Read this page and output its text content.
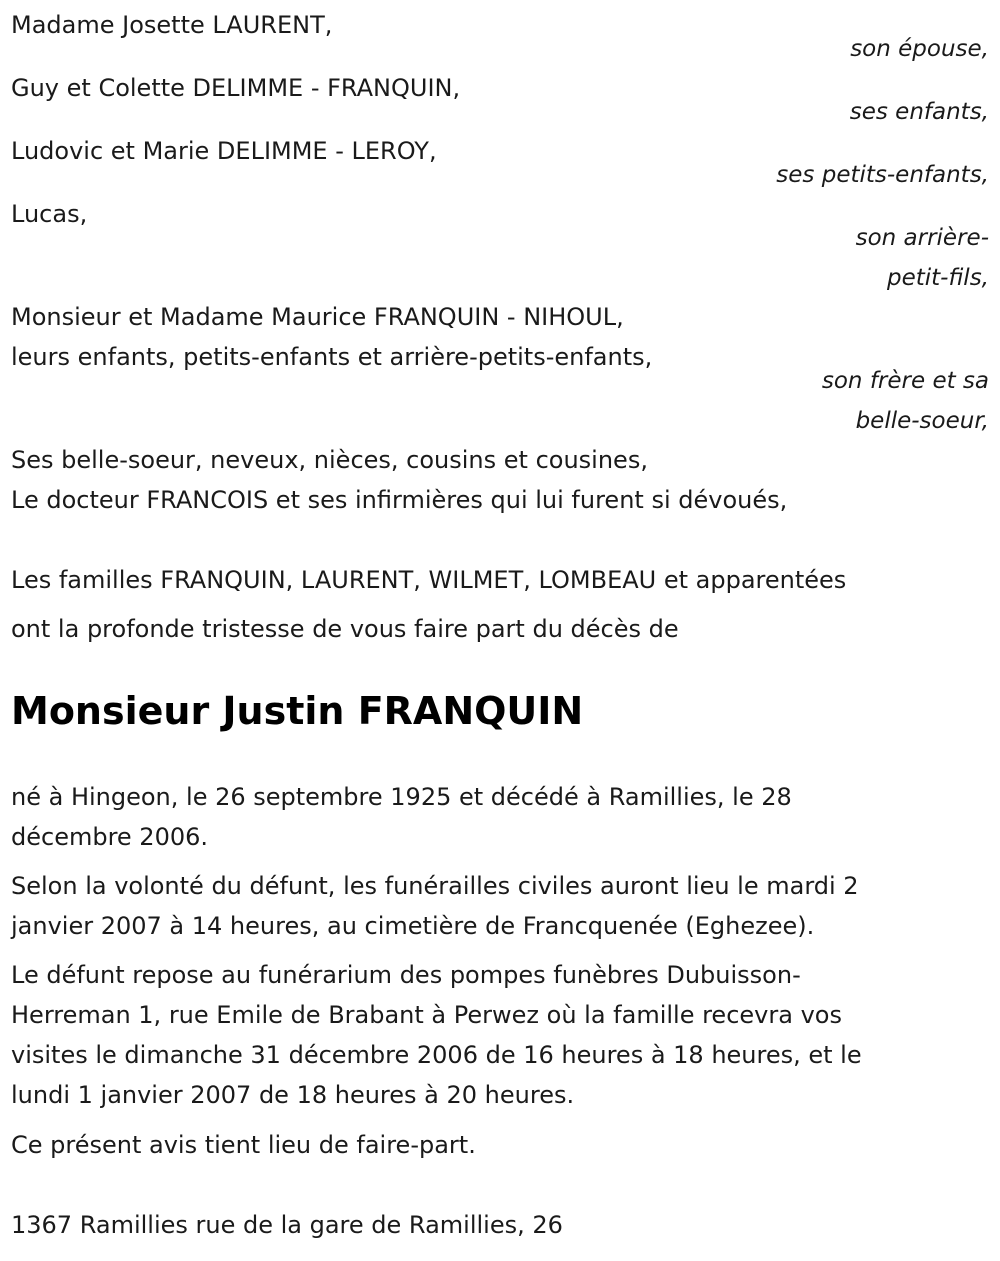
Madame Josette LAURENT,

son épouse,

Guy et Colette DELIMME - FRANQUIN,

ses enfants,

Ludovic et Marie DELIMME - LEROY,

ses petits-enfants,

Lucas,

son arrière-

petit-fils,

Monsieur et Madame Maurice FRANQUIN - NIHOUL,

leurs enfants, petits-enfants et arrière-petits-enfants,

son frère et sa

belle-soeur,

Ses belle-soeur, neveux, nièces, cousins et cousines,

Le docteur FRANCOIS et ses infirmières qui lui furent si dévoués,

Les familles FRANQUIN, LAURENT, WILMET, LOMBEAU et apparentées

ont la profonde tristesse de vous faire part du décès de

Monsieur Justin FRANQUIN

né à Hingeon, le 26 septembre 1925 et décédé à Ramillies, le 28

décembre 2006.

Selon la volonté du défunt, les funérailles civiles auront lieu le mardi 2

janvier 2007 à 14 heures, au cimetière de Francquenée (Eghezee).

Le défunt repose au funérarium des pompes funèbres Dubuisson-

Herreman 1, rue Emile de Brabant à Perwez où la famille recevra vos

visites le dimanche 31 décembre 2006 de 16 heures à 18 heures, et le

lundi 1 janvier 2007 de 18 heures à 20 heures.

Ce présent avis tient lieu de faire-part.

1367 Ramillies rue de la gare de Ramillies, 26
